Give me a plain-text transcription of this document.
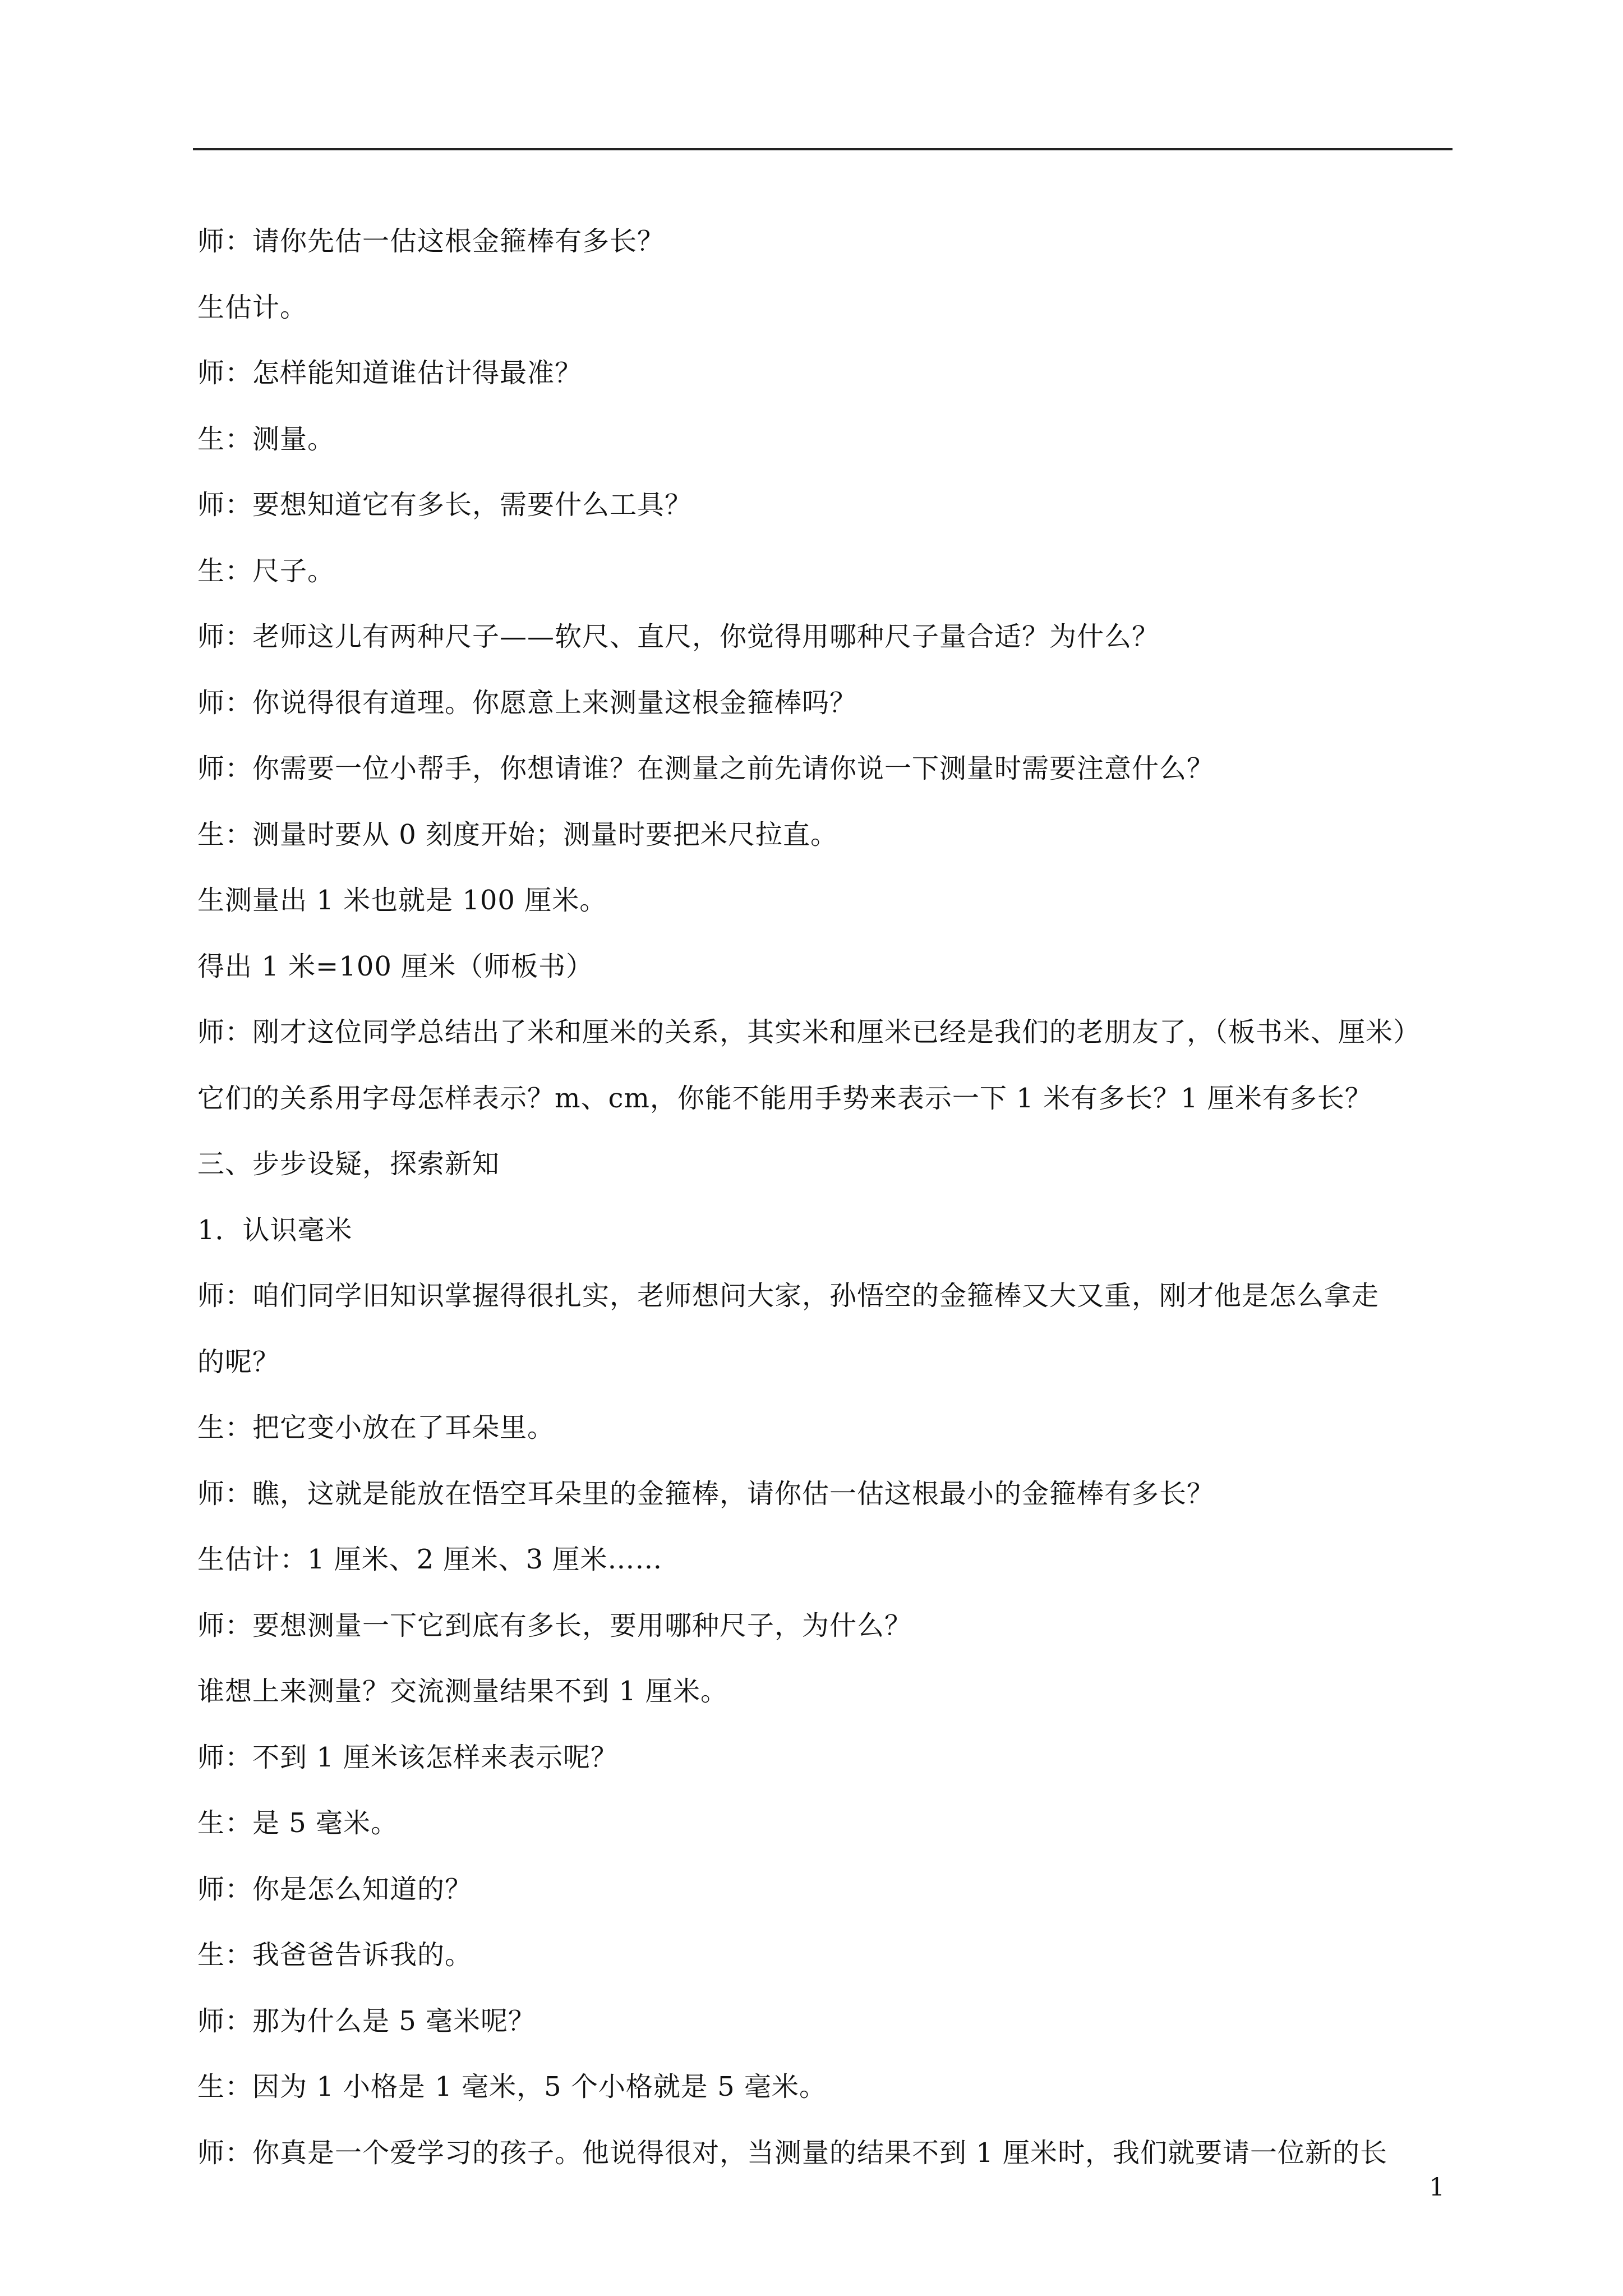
师：请你先估一估这根金箍棒有多长？
生估计。
师：怎样能知道谁估计得最准？
生：测量。
师：要想知道它有多长，需要什么工具？
生：尺子。
师：老师这儿有两种尺子——软尺、直尺，你觉得用哪种尺子量合适？为什么？
师：你说得很有道理。你愿意上来测量这根金箍棒吗？
师：你需要一位小帮手，你想请谁？在测量之前先请你说一下测量时需要注意什么？
生：测量时要从 0 刻度开始；测量时要把米尺拉直。
生测量出 1 米也就是 100 厘米。
得出 1 米=100 厘米（师板书）
师：刚才这位同学总结出了米和厘米的关系，其实米和厘米已经是我们的老朋友了，（板书米、厘米）
它们的关系用字母怎样表示？m、cm，你能不能用手势来表示一下 1 米有多长？1 厘米有多长？
三、步步设疑，探索新知
1．认识毫米
师：咱们同学旧知识掌握得很扎实，老师想问大家，孙悟空的金箍棒又大又重，刚才他是怎么拿走
的呢？
生：把它变小放在了耳朵里。
师：瞧，这就是能放在悟空耳朵里的金箍棒，请你估一估这根最小的金箍棒有多长？
生估计：1 厘米、2 厘米、3 厘米……
师：要想测量一下它到底有多长，要用哪种尺子，为什么？
谁想上来测量？交流测量结果不到 1 厘米。
师：不到 1 厘米该怎样来表示呢？
生：是 5 毫米。
师：你是怎么知道的？
生：我爸爸告诉我的。
师：那为什么是 5 毫米呢？
生：因为 1 小格是 1 毫米，5 个小格就是 5 毫米。
师：你真是一个爱学习的孩子。他说得很对，当测量的结果不到 1 厘米时，我们就要请一位新的长
1
